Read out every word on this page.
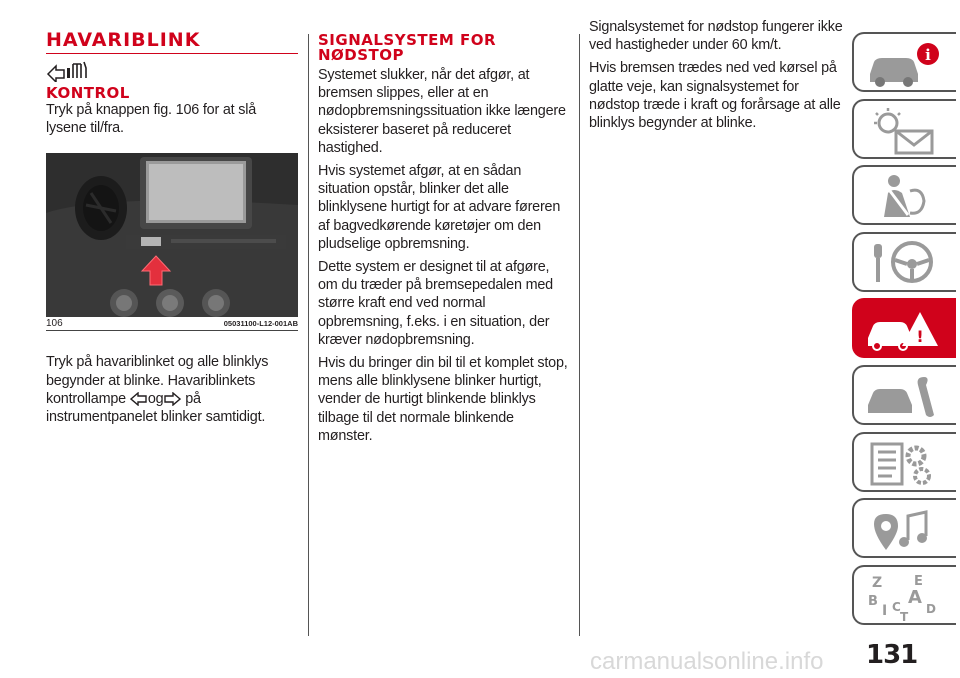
HAVARIBLINK
KONTROL

Tryk på knappen fig. 106 for at slå lysene til/fra.

106	05031100-L12-001AB

Tryk på havariblinket og alle blinklys begynder at blinke. Havariblinkets kontrollampe og på instrumentpanelet blinker samtidigt.

SIGNALSYSTEM FOR NØDSTOP

Systemet slukker, når det afgør, at bremsen slippes, eller at en nødopbremsningssituation ikke længere eksisterer baseret på reduceret hastighed.

Hvis systemet afgør, at en sådan situation opstår, blinker det alle blinklysene hurtigt for at advare føreren af bagvedkørende køretøjer om den pludselige opbremsning.

Dette system er designet til at afgøre, om du træder på bremsepedalen med større kraft end ved normal opbremsning, f.eks. i en situation, der kræver nødopbremsning.

Hvis du bringer din bil til et komplet stop, mens alle blinklysene blinker hurtigt, vender de hurtigt blinkende blinklys tilbage til det normale blinkende mønster.

Signalsystemet for nødstop fungerer ikke ved hastigheder under 60 km/t.

Hvis bremsen trædes ned ved kørsel på glatte veje, kan signalsystemet for nødstop træde i kraft og forårsage at alle blinklys begynder at blinke.

i
!
Z E
B A
I C
T
D
131
carmanualsonline.info
